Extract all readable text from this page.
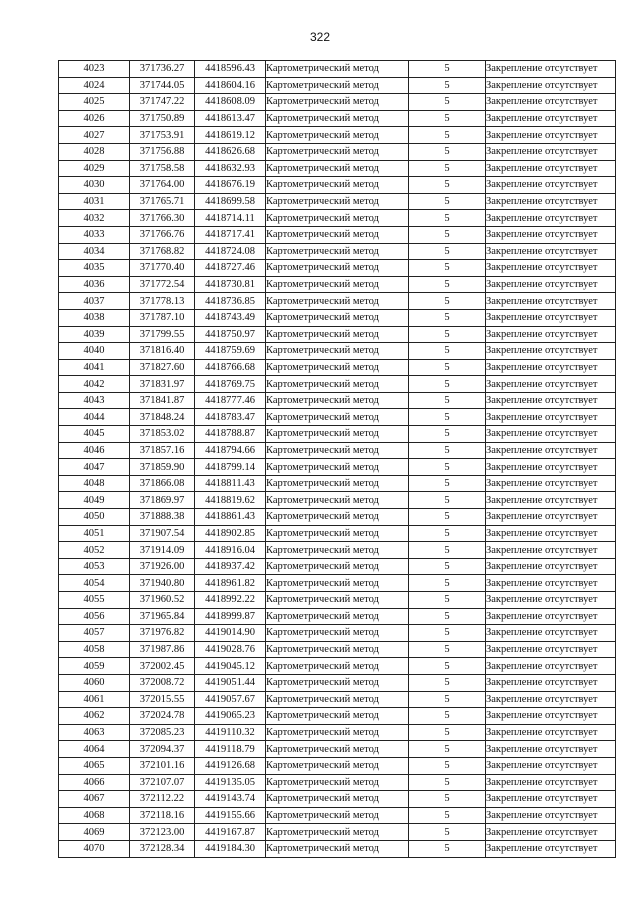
322
4023	371736.27	4418596.43	Картометрический метод	5	Закрепление отсутствует
4024	371744.05	4418604.16	Картометрический метод	5	Закрепление отсутствует
4025	371747.22	4418608.09	Картометрический метод	5	Закрепление отсутствует
4026	371750.89	4418613.47	Картометрический метод	5	Закрепление отсутствует
4027	371753.91	4418619.12	Картометрический метод	5	Закрепление отсутствует
4028	371756.88	4418626.68	Картометрический метод	5	Закрепление отсутствует
4029	371758.58	4418632.93	Картометрический метод	5	Закрепление отсутствует
4030	371764.00	4418676.19	Картометрический метод	5	Закрепление отсутствует
4031	371765.71	4418699.58	Картометрический метод	5	Закрепление отсутствует
4032	371766.30	4418714.11	Картометрический метод	5	Закрепление отсутствует
4033	371766.76	4418717.41	Картометрический метод	5	Закрепление отсутствует
4034	371768.82	4418724.08	Картометрический метод	5	Закрепление отсутствует
4035	371770.40	4418727.46	Картометрический метод	5	Закрепление отсутствует
4036	371772.54	4418730.81	Картометрический метод	5	Закрепление отсутствует
4037	371778.13	4418736.85	Картометрический метод	5	Закрепление отсутствует
4038	371787.10	4418743.49	Картометрический метод	5	Закрепление отсутствует
4039	371799.55	4418750.97	Картометрический метод	5	Закрепление отсутствует
4040	371816.40	4418759.69	Картометрический метод	5	Закрепление отсутствует
4041	371827.60	4418766.68	Картометрический метод	5	Закрепление отсутствует
4042	371831.97	4418769.75	Картометрический метод	5	Закрепление отсутствует
4043	371841.87	4418777.46	Картометрический метод	5	Закрепление отсутствует
4044	371848.24	4418783.47	Картометрический метод	5	Закрепление отсутствует
4045	371853.02	4418788.87	Картометрический метод	5	Закрепление отсутствует
4046	371857.16	4418794.66	Картометрический метод	5	Закрепление отсутствует
4047	371859.90	4418799.14	Картометрический метод	5	Закрепление отсутствует
4048	371866.08	4418811.43	Картометрический метод	5	Закрепление отсутствует
4049	371869.97	4418819.62	Картометрический метод	5	Закрепление отсутствует
4050	371888.38	4418861.43	Картометрический метод	5	Закрепление отсутствует
4051	371907.54	4418902.85	Картометрический метод	5	Закрепление отсутствует
4052	371914.09	4418916.04	Картометрический метод	5	Закрепление отсутствует
4053	371926.00	4418937.42	Картометрический метод	5	Закрепление отсутствует
4054	371940.80	4418961.82	Картометрический метод	5	Закрепление отсутствует
4055	371960.52	4418992.22	Картометрический метод	5	Закрепление отсутствует
4056	371965.84	4418999.87	Картометрический метод	5	Закрепление отсутствует
4057	371976.82	4419014.90	Картометрический метод	5	Закрепление отсутствует
4058	371987.86	4419028.76	Картометрический метод	5	Закрепление отсутствует
4059	372002.45	4419045.12	Картометрический метод	5	Закрепление отсутствует
4060	372008.72	4419051.44	Картометрический метод	5	Закрепление отсутствует
4061	372015.55	4419057.67	Картометрический метод	5	Закрепление отсутствует
4062	372024.78	4419065.23	Картометрический метод	5	Закрепление отсутствует
4063	372085.23	4419110.32	Картометрический метод	5	Закрепление отсутствует
4064	372094.37	4419118.79	Картометрический метод	5	Закрепление отсутствует
4065	372101.16	4419126.68	Картометрический метод	5	Закрепление отсутствует
4066	372107.07	4419135.05	Картометрический метод	5	Закрепление отсутствует
4067	372112.22	4419143.74	Картометрический метод	5	Закрепление отсутствует
4068	372118.16	4419155.66	Картометрический метод	5	Закрепление отсутствует
4069	372123.00	4419167.87	Картометрический метод	5	Закрепление отсутствует
4070	372128.34	4419184.30	Картометрический метод	5	Закрепление отсутствует
